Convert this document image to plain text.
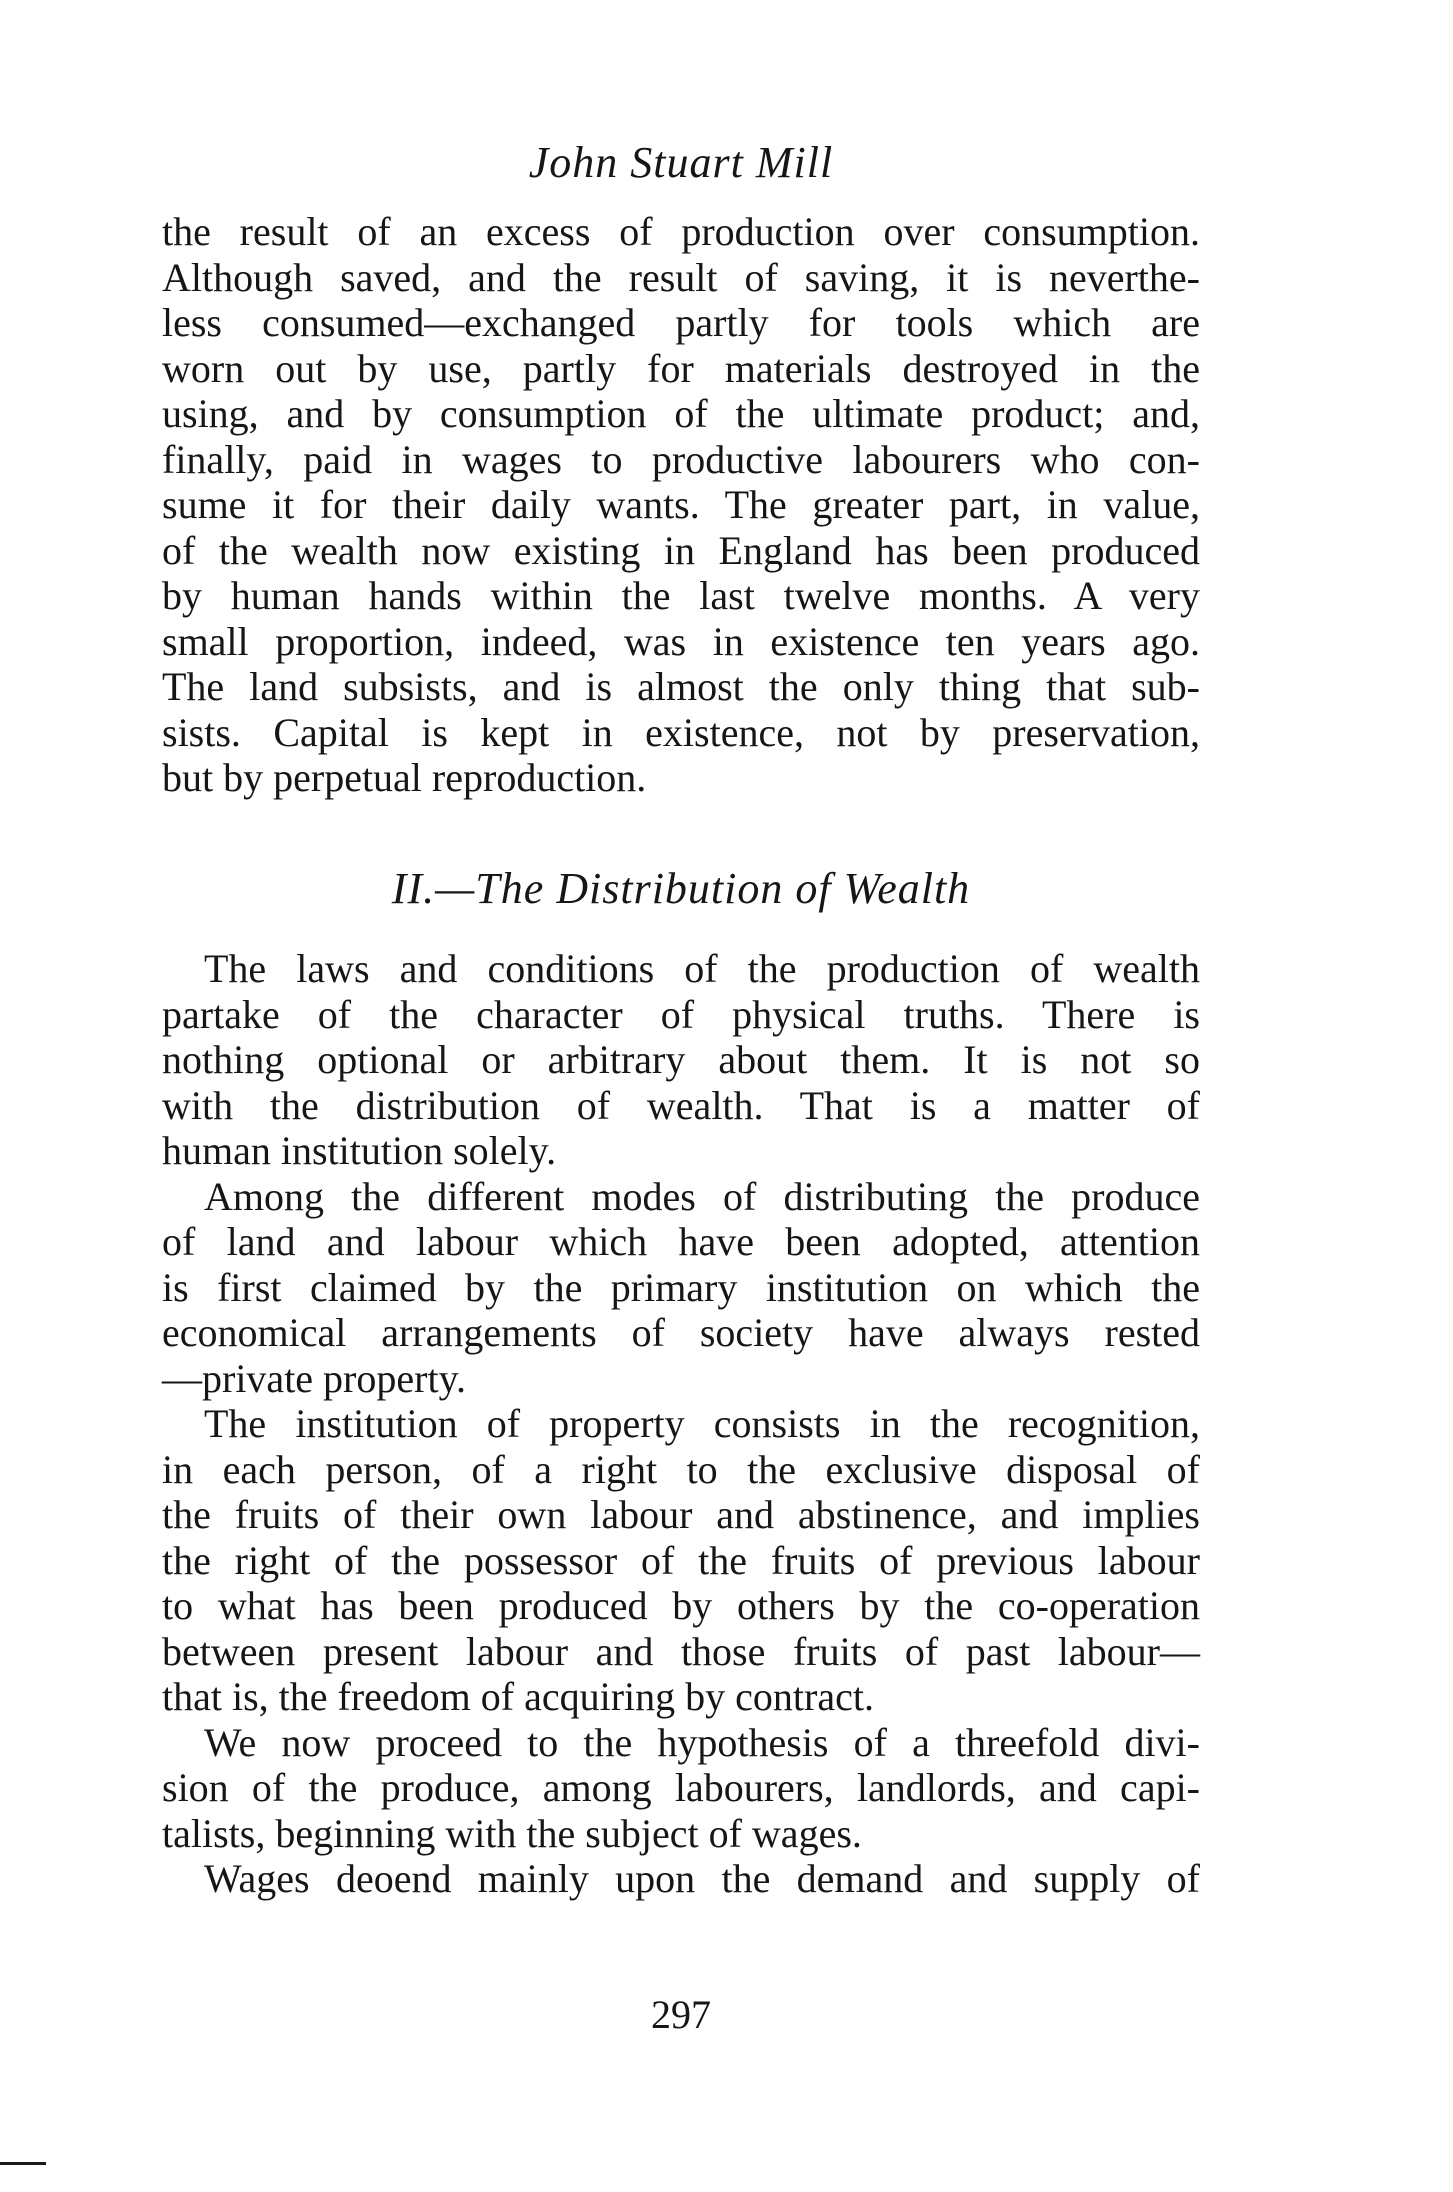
John Stuart Mill
the result of an excess of production over consumption.
Although saved, and the result of saving, it is neverthe-
less consumed—exchanged partly for tools which are
worn out by use, partly for materials destroyed in the
using, and by consumption of the ultimate product; and,
finally, paid in wages to productive labourers who con-
sume it for their daily wants. The greater part, in value,
of the wealth now existing in England has been produced
by human hands within the last twelve months. A very
small proportion, indeed, was in existence ten years ago.
The land subsists, and is almost the only thing that sub-
sists. Capital is kept in existence, not by preservation,
but by perpetual reproduction.
II.—The Distribution of Wealth
The laws and conditions of the production of wealth
partake of the character of physical truths. There is
nothing optional or arbitrary about them. It is not so
with the distribution of wealth. That is a matter of
human institution solely.
Among the different modes of distributing the produce
of land and labour which have been adopted, attention
is first claimed by the primary institution on which the
economical arrangements of society have always rested
—private property.
The institution of property consists in the recognition,
in each person, of a right to the exclusive disposal of
the fruits of their own labour and abstinence, and implies
the right of the possessor of the fruits of previous labour
to what has been produced by others by the co-operation
between present labour and those fruits of past labour—
that is, the freedom of acquiring by contract.
We now proceed to the hypothesis of a threefold divi-
sion of the produce, among labourers, landlords, and capi-
talists, beginning with the subject of wages.
Wages deoend mainly upon the demand and supply of
297
